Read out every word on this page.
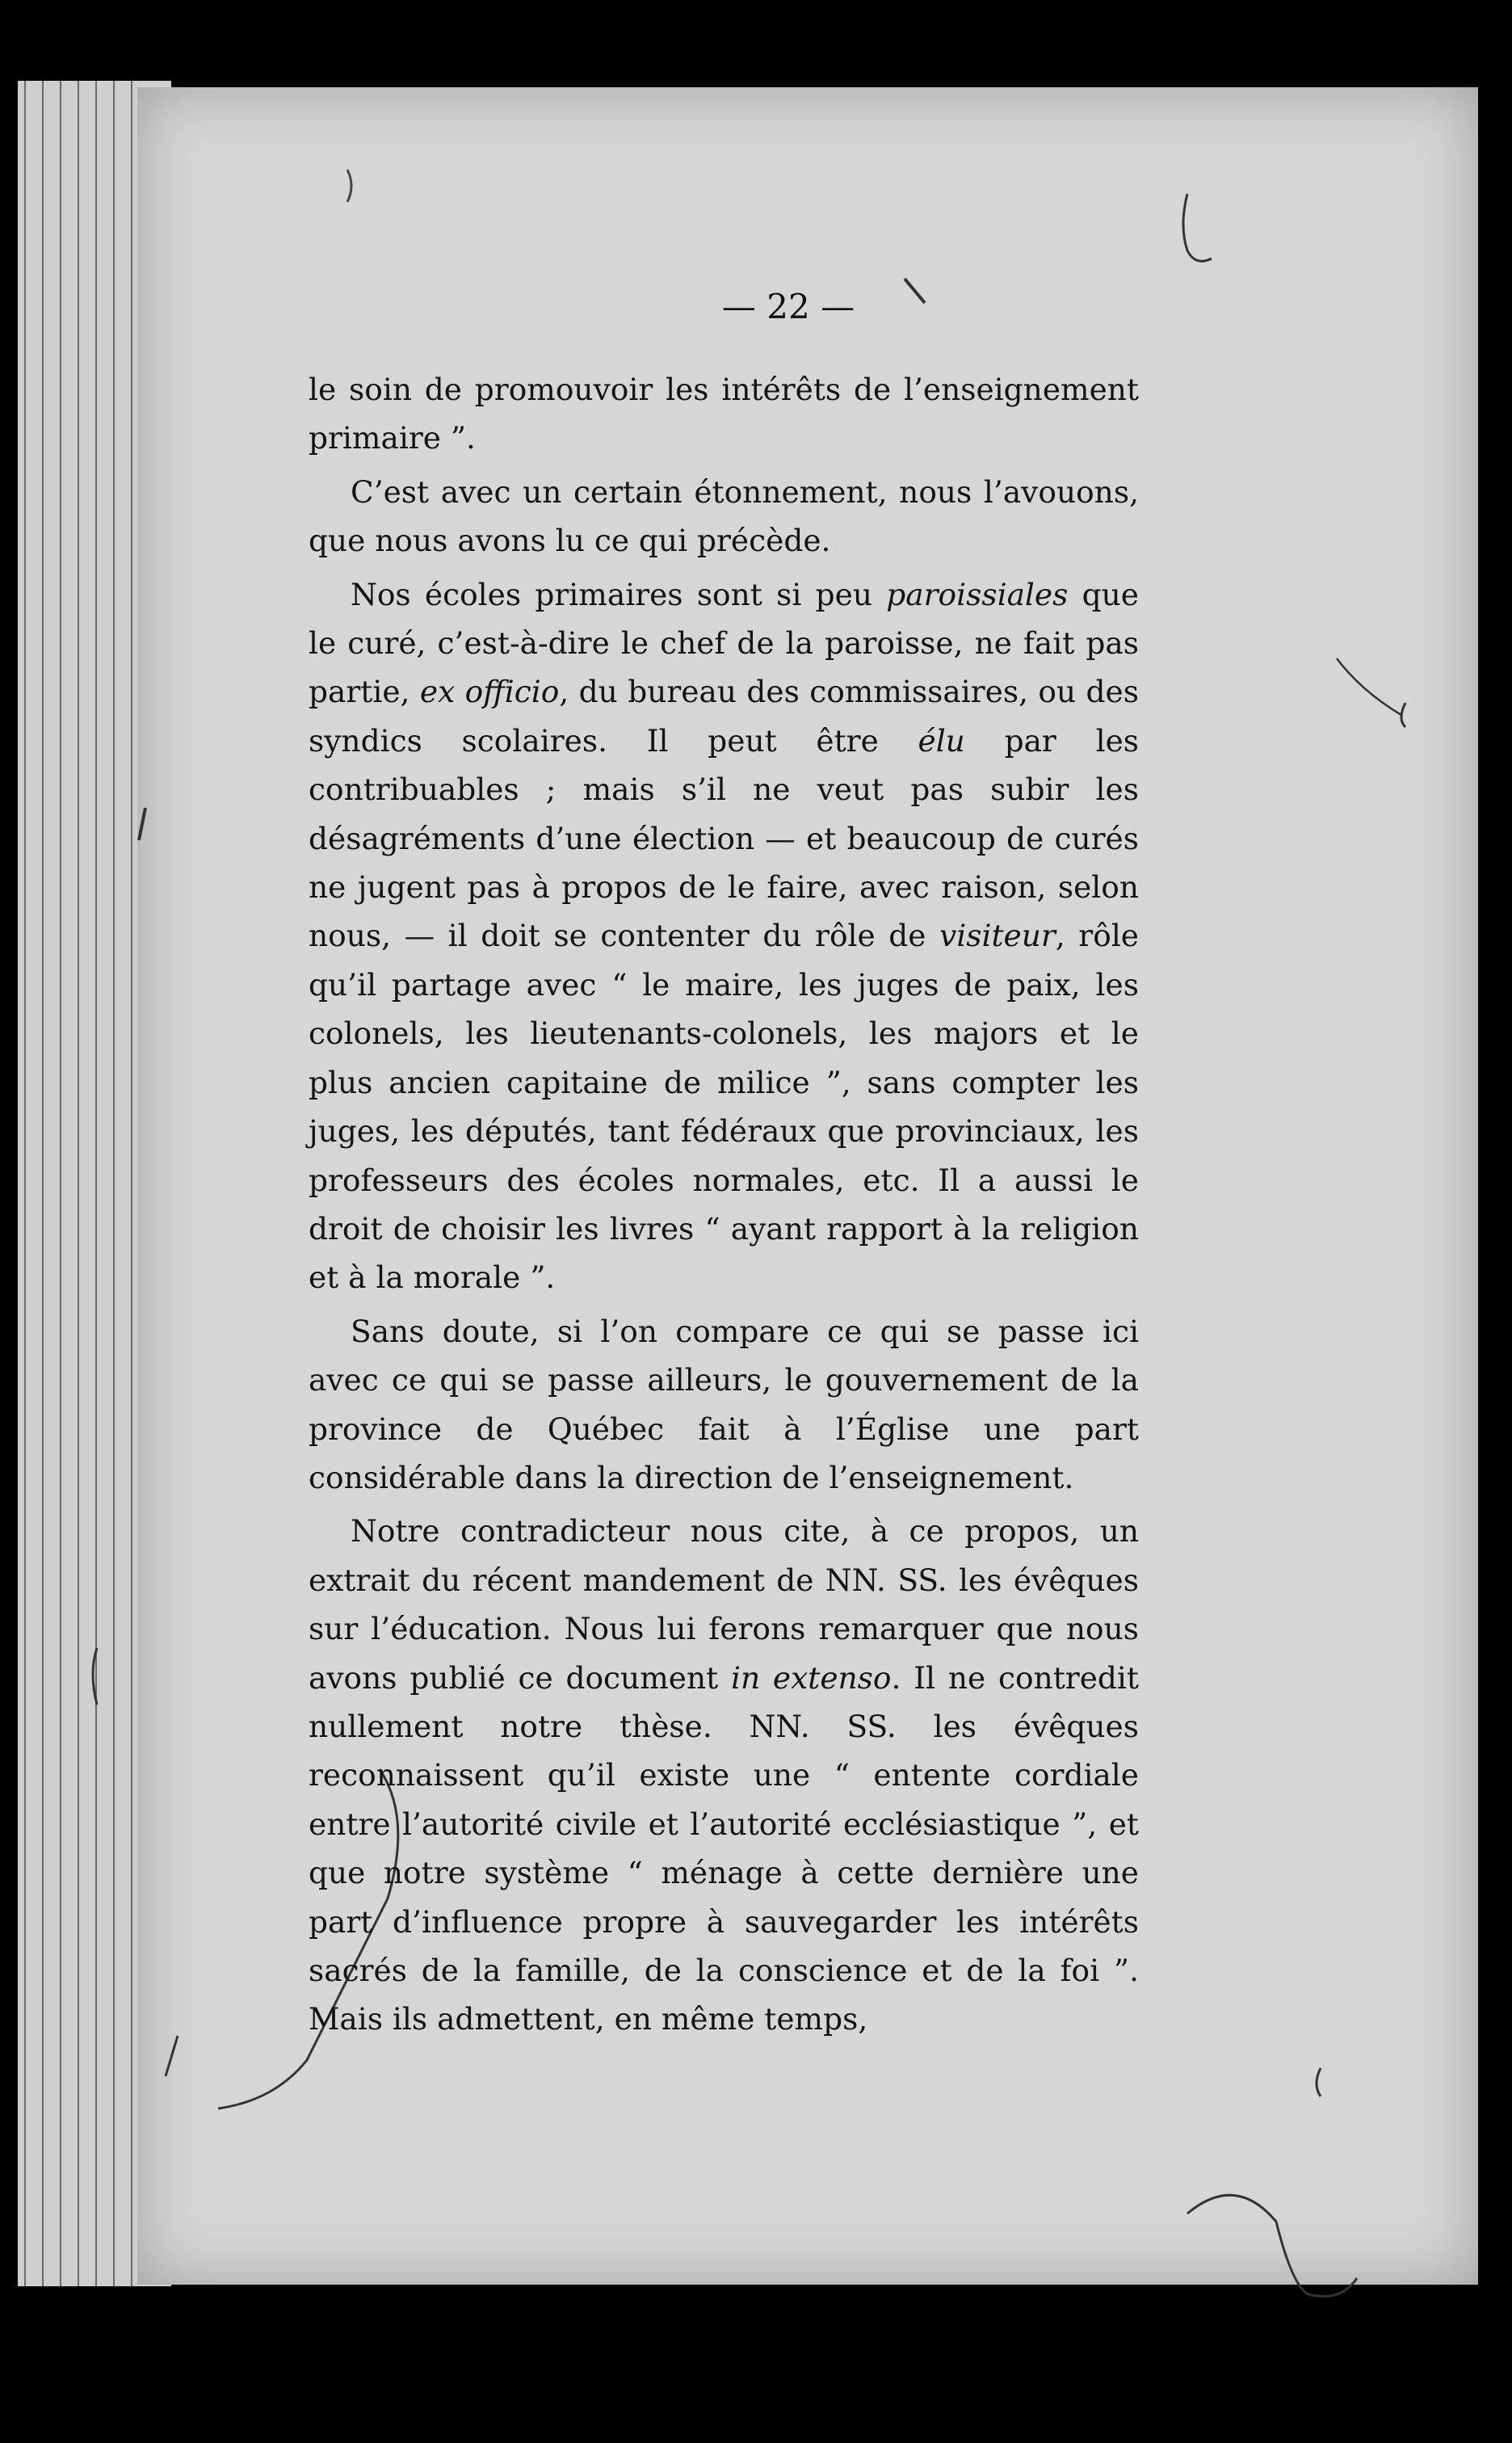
— 22 —

le soin de promouvoir les intérêts de l’enseignement primaire ”.

C’est avec un certain étonnement, nous l’avouons, que nous avons lu ce qui précède.

Nos écoles primaires sont si peu paroissiales que le curé, c’est-à-dire le chef de la paroisse, ne fait pas partie, ex officio, du bureau des commissaires, ou des syndics scolaires. Il peut être élu par les contribuables ; mais s’il ne veut pas subir les désagréments d’une élection — et beaucoup de curés ne jugent pas à propos de le faire, avec raison, selon nous, — il doit se contenter du rôle de visiteur, rôle qu’il partage avec “ le maire, les juges de paix, les colonels, les lieutenants-colonels, les majors et le plus ancien capitaine de milice ”, sans compter les juges, les députés, tant fédéraux que provinciaux, les professeurs des écoles normales, etc. Il a aussi le droit de choisir les livres “ ayant rapport à la religion et à la morale ”.

Sans doute, si l’on compare ce qui se passe ici avec ce qui se passe ailleurs, le gouvernement de la province de Québec fait à l’Église une part considérable dans la direction de l’enseignement.

Notre contradicteur nous cite, à ce propos, un extrait du récent mandement de NN. SS. les évêques sur l’éducation. Nous lui ferons remarquer que nous avons publié ce document in extenso. Il ne contredit nullement notre thèse. NN. SS. les évêques reconnaissent qu’il existe une “ entente cordiale entre l’autorité civile et l’autorité ecclésiastique ”, et que notre système “ ménage à cette dernière une part d’influence propre à sauvegarder les intérêts sacrés de la famille, de la conscience et de la foi ”. Mais ils admettent, en même temps,
